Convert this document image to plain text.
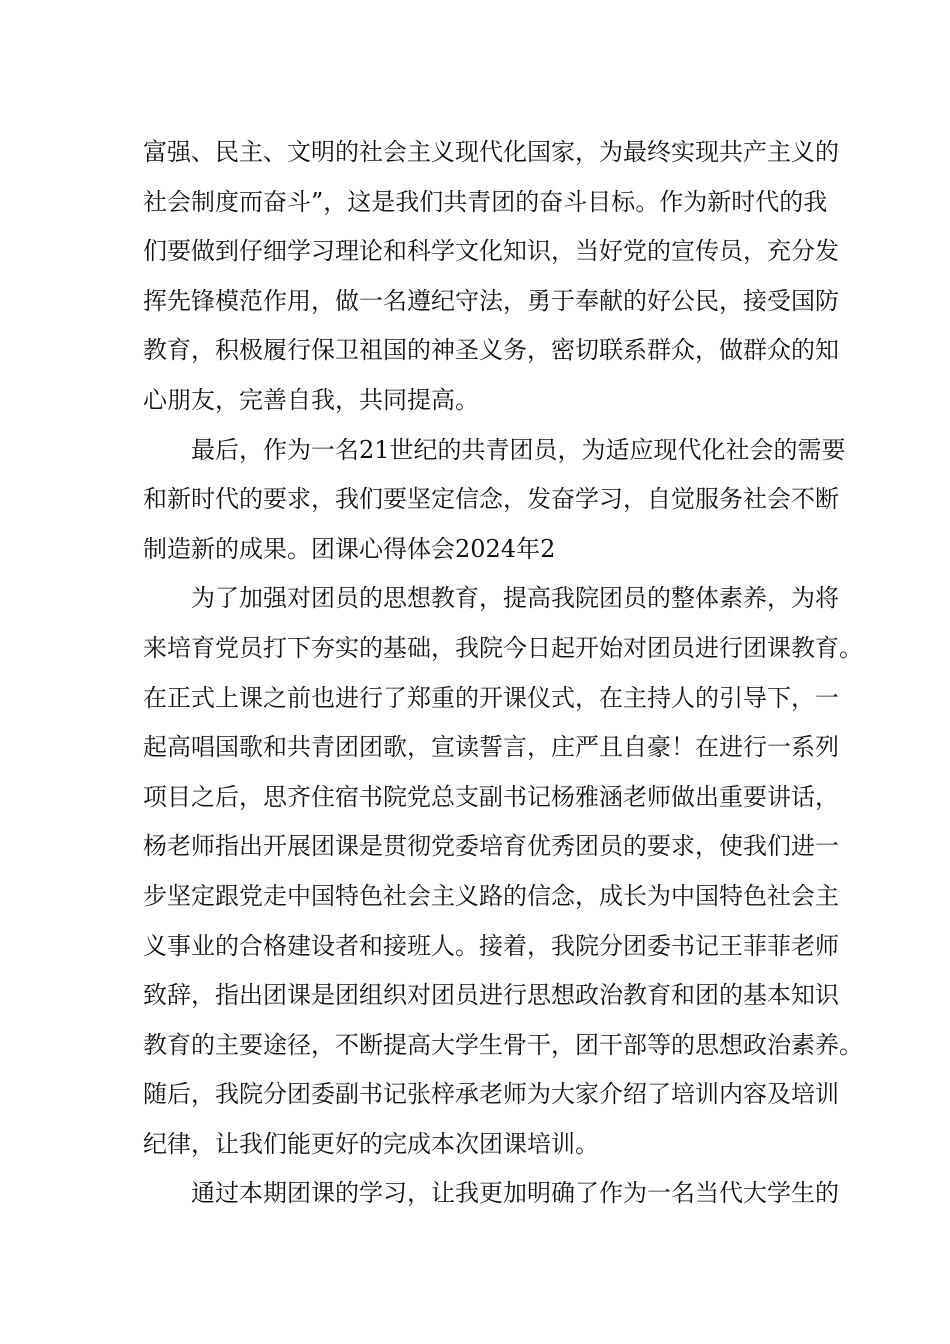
富强、民主、文明的社会主义现代化国家，为最终实现共产主义的
社会制度而奋斗”，这是我们共青团的奋斗目标。作为新时代的我
们要做到仔细学习理论和科学文化知识，当好党的宣传员，充分发
挥先锋模范作用，做一名遵纪守法，勇于奉献的好公民，接受国防
教育，积极履行保卫祖国的神圣义务，密切联系群众，做群众的知
心朋友，完善自我，共同提高。
最后，作为一名21世纪的共青团员，为适应现代化社会的需要
和新时代的要求，我们要坚定信念，发奋学习，自觉服务社会不断
制造新的成果。团课心得体会2024年2
为了加强对团员的思想教育，提高我院团员的整体素养，为将
来培育党员打下夯实的基础，我院今日起开始对团员进行团课教育。
在正式上课之前也进行了郑重的开课仪式，在主持人的引导下，一
起高唱国歌和共青团团歌，宣读誓言，庄严且自豪！在进行一系列
项目之后，思齐住宿书院党总支副书记杨雅涵老师做出重要讲话，
杨老师指出开展团课是贯彻党委培育优秀团员的要求，使我们进一
步坚定跟党走中国特色社会主义路的信念，成长为中国特色社会主
义事业的合格建设者和接班人。接着，我院分团委书记王菲菲老师
致辞，指出团课是团组织对团员进行思想政治教育和团的基本知识
教育的主要途径，不断提高大学生骨干，团干部等的思想政治素养。
随后，我院分团委副书记张梓承老师为大家介绍了培训内容及培训
纪律，让我们能更好的完成本次团课培训。
通过本期团课的学习，让我更加明确了作为一名当代大学生的
